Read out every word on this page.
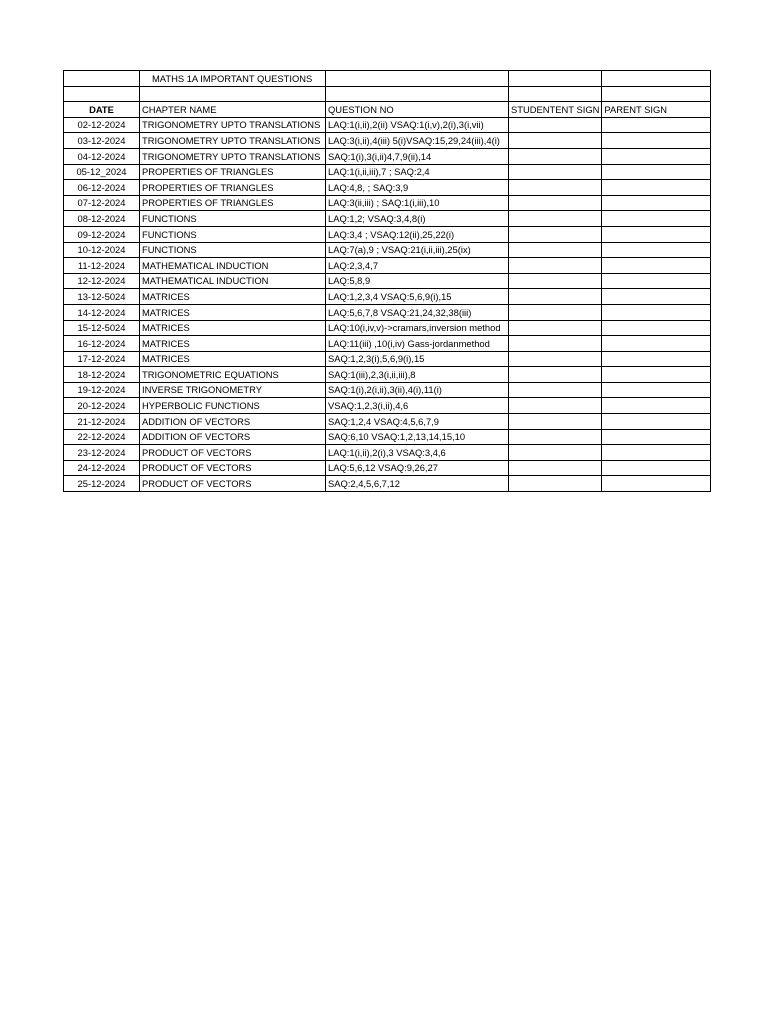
	MATHS 1A IMPORTANT QUESTIONS			

DATE	CHAPTER NAME	QUESTION NO	STUDENTENT SIGN	PARENT SIGN
02-12-2024	TRIGONOMETRY UPTO TRANSLATIONS	LAQ:1(i,ii),2(ii) VSAQ:1(i,v),2(i),3(i,vii)		
03-12-2024	TRIGONOMETRY UPTO TRANSLATIONS	LAQ:3(i,ii),4(iii) 5(i)VSAQ:15,29,24(iii),4(i)		
04-12-2024	TRIGONOMETRY UPTO TRANSLATIONS	SAQ:1(i),3(i,ii)4,7,9(ii),14		
05-12_2024	PROPERTIES OF TRIANGLES	LAQ:1(i,ii,iii),7 ; SAQ:2,4		
06-12-2024	PROPERTIES OF TRIANGLES	LAQ:4,8, ; SAQ:3,9		
07-12-2024	PROPERTIES OF TRIANGLES	LAQ:3(ii,iii) ; SAQ:1(i,iii),10		
08-12-2024	FUNCTIONS	LAQ:1,2; VSAQ:3,4,8(i)		
09-12-2024	FUNCTIONS	LAQ:3,4 ; VSAQ:12(ii),25,22(i)		
10-12-2024	FUNCTIONS	LAQ:7(a),9 ; VSAQ:21(i,ii,iii),25(ix)		
11-12-2024	MATHEMATICAL INDUCTION	LAQ:2,3,4,7		
12-12-2024	MATHEMATICAL INDUCTION	LAQ:5,8,9		
13-12-5024	MATRICES	LAQ:1,2,3,4 VSAQ:5,6,9(i),15		
14-12-2024	MATRICES	LAQ:5,6,7,8 VSAQ:21,24,32,38(iii)		
15-12-5024	MATRICES	LAQ:10(i,iv,v)->cramars,inversion method		
16-12-2024	MATRICES	LAQ:11(iii) ,10(i,iv) Gass-jordanmethod		
17-12-2024	MATRICES	SAQ:1,2,3(i),5,6,9(i),15		
18-12-2024	TRIGONOMETRIC EQUATIONS	SAQ:1(iii),2,3(i,ii,iii),8		
19-12-2024	INVERSE TRIGONOMETRY	SAQ:1(i),2(i,ii),3(ii),4(i),11(i)		
20-12-2024	HYPERBOLIC FUNCTIONS	VSAQ:1,2,3(i,ii),4,6		
21-12-2024	ADDITION OF VECTORS	SAQ:1,2,4 VSAQ:4,5,6,7,9		
22-12-2024	ADDITION OF VECTORS	SAQ:6,10 VSAQ:1,2,13,14,15,10		
23-12-2024	PRODUCT OF VECTORS	LAQ:1(i,ii),2(i),3 VSAQ:3,4,6		
24-12-2024	PRODUCT OF VECTORS	LAQ:5,6,12 VSAQ:9,26,27		
25-12-2024	PRODUCT OF VECTORS	SAQ:2,4,5,6,7,12		
